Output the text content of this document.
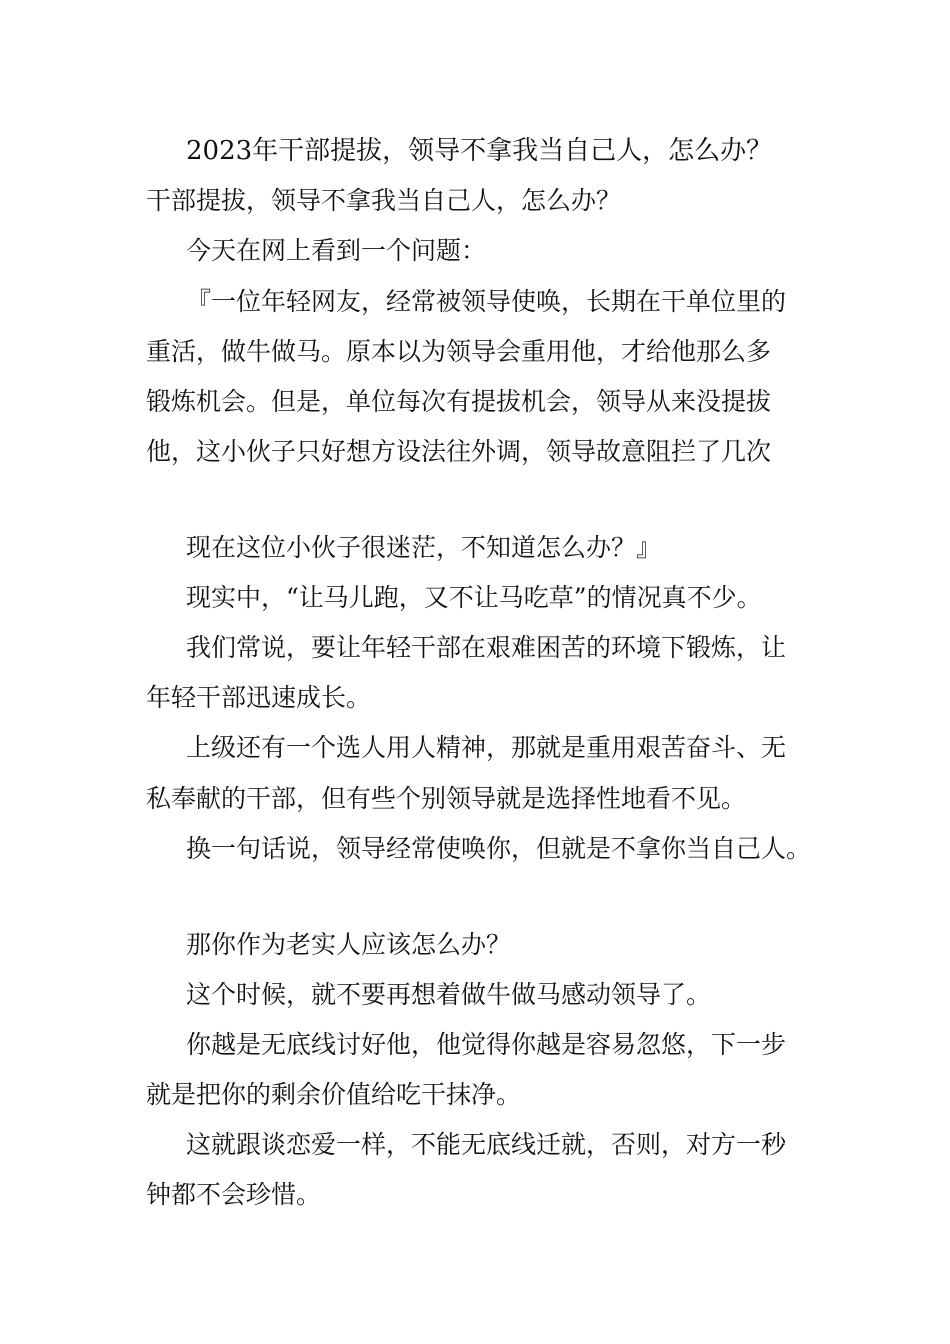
2023年干部提拔，领导不拿我当自己人，怎么办？

干部提拔，领导不拿我当自己人，怎么办？

今天在网上看到一个问题：

『一位年轻网友，经常被领导使唤，长期在干单位里的

重活，做牛做马。原本以为领导会重用他，才给他那么多

锻炼机会。但是，单位每次有提拔机会，领导从来没提拔

他，这小伙子只好想方设法往外调，领导故意阻拦了几次

现在这位小伙子很迷茫，不知道怎么办？』

现实中，“让马儿跑，又不让马吃草”的情况真不少。

我们常说，要让年轻干部在艰难困苦的环境下锻炼，让

年轻干部迅速成长。

上级还有一个选人用人精神，那就是重用艰苦奋斗、无

私奉献的干部，但有些个别领导就是选择性地看不见。

换一句话说，领导经常使唤你，但就是不拿你当自己人。

那你作为老实人应该怎么办？

这个时候，就不要再想着做牛做马感动领导了。

你越是无底线讨好他，他觉得你越是容易忽悠，下一步

就是把你的剩余价值给吃干抹净。

这就跟谈恋爱一样，不能无底线迁就，否则，对方一秒

钟都不会珍惜。
